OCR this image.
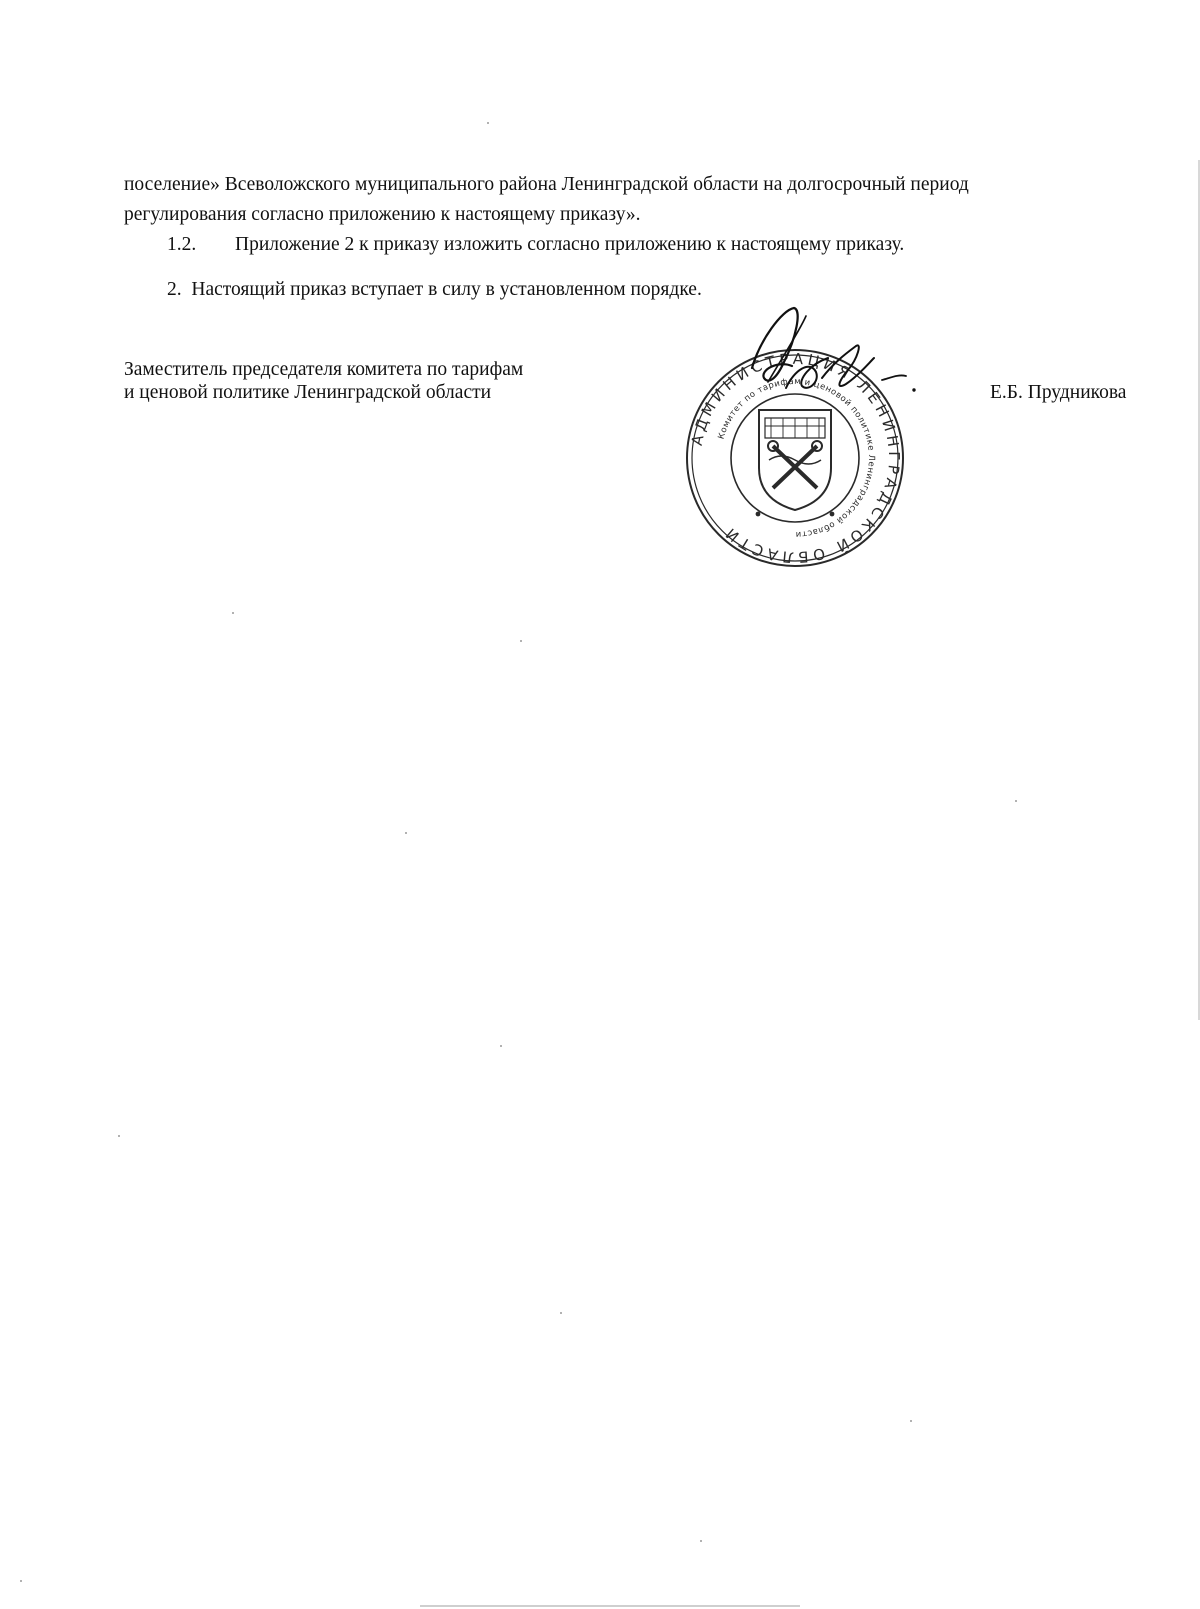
поселение» Всеволожского муниципального района Ленинградской области на долгосрочный период

регулирования согласно приложению к настоящему приказу».

1.2. Приложение 2 к приказу изложить согласно приложению к настоящему приказу.

2. Настоящий приказ вступает в силу в установленном порядке.

Заместитель председателя комитета по тарифам
и ценовой политике Ленинградской области	Е.Б. Прудникова
АДМИНИСТРАЦИЯ ЛЕНИНГРАДСКОЙ ОБЛАСТИ
Комитет по тарифам и ценовой политике Ленинградской области
